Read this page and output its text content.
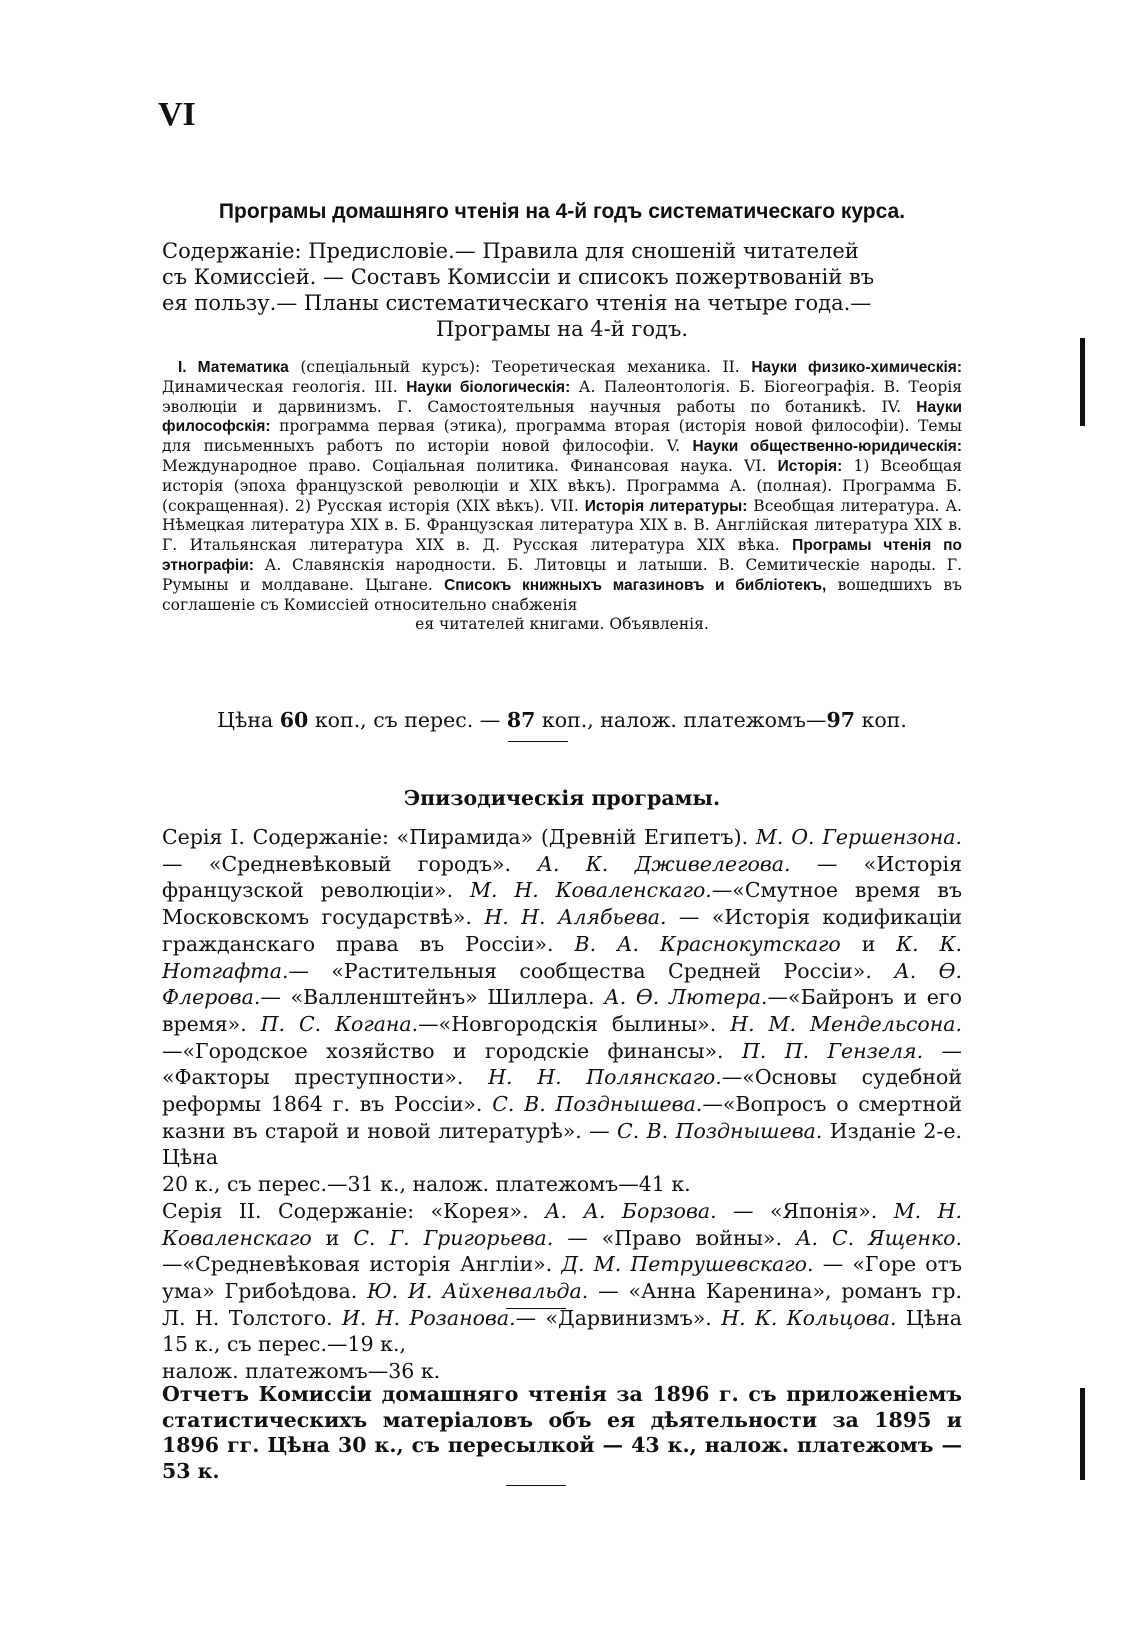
VI
Програмы домашняго чтенія на 4-й годъ систематическаго курса.
Содержаніе: Предисловіе.— Правила для сношеній читателей
съ Комиссіей. — Составъ Комиссіи и списокъ пожертвованій въ
ея пользу.— Планы систематическаго чтенія на четыре года.—
Програмы на 4-й годъ.
I. Математика (спеціальный курсъ): Теоретическая механика. II. Науки физико-химическія: Динамическая геологія. III. Науки біологическія: А. Палеонтологія. Б. Біогеографія. В. Теорія эволюціи и дарвинизмъ. Г. Самостоятельныя научныя работы по ботаникѣ. IV. Науки философскія: программа первая (этика), программа вторая (исторія новой философіи). Темы для письменныхъ работъ по исторіи новой философіи. V. Науки общественно-юридическія: Международное право. Соціальная политика. Финансовая наука. VI. Исторія: 1) Всеобщая исторія (эпоха французской революціи и XIX вѣкъ). Программа А. (полная). Программа Б. (сокращенная). 2) Русская исторія (XIX вѣкъ). VII. Исторія литературы: Всеобщая литература. А. Нѣмецкая литература XIX в. Б. Французская литература XIX в. В. Англійская литература XIX в. Г. Итальянская литература XIX в. Д. Русская литература XIX вѣка. Програмы чтенія по этнографіи: А. Славянскія народности. Б. Литовцы и латыши. В. Семитическіе народы. Г. Румыны и молдаване. Цыгане. Списокъ книжныхъ магазиновъ и библіотекъ, вошедшихъ въ соглашеніе съ Комиссіей относительно снабженія
ея читателей книгами. Объявленія.
Цѣна 60 коп., съ перес. — 87 коп., налож. платежомъ—97 коп.
Эпизодическія програмы.

Серія I. Содержаніе: «Пирамида» (Древній Египетъ). М. О. Гершензона. — «Средневѣковый городъ». А. К. Дживелегова. — «Исторія французской революціи». М. Н. Коваленскаго.—«Смутное время въ Московскомъ государствѣ». Н. Н. Алябьева. — «Исторія кодификаціи гражданскаго права въ Россіи». В. А. Краснокутскаго и К. К. Нотгафта.— «Растительныя сообщества Средней Россіи». А. Ѳ. Флерова.— «Валленштейнъ» Шиллера. А. Ѳ. Лютера.—«Байронъ и его время». П. С. Когана.—«Новгородскія былины». Н. М. Мендельсона.—«Городское хозяйство и городскіе финансы». П. П. Гензеля. — «Факторы преступности». Н. Н. Полянскаго.—«Основы судебной реформы 1864 г. въ Россіи». С. В. Позднышева.—«Вопросъ о смертной казни въ старой и новой литературѣ». — С. В. Позднышева. Изданіе 2-е. Цѣна

20 к., съ перес.—31 к., налож. платежомъ—41 к.

Серія II. Содержаніе: «Корея». А. А. Борзова. — «Японія». М. Н. Коваленскаго и С. Г. Григорьева. — «Право войны». А. С. Ященко.—«Средневѣковая исторія Англіи». Д. М. Петрушевскаго. — «Горе отъ ума» Грибоѣдова. Ю. И. Айхенвальда. — «Анна Каренина», романъ гр. Л. Н. Толстого. И. Н. Розанова.— «Дарвинизмъ». Н. К. Кольцова. Цѣна 15 к., съ перес.—19 к.,

налож. платежомъ—36 к.

Отчетъ Комиссіи домашняго чтенія за 1896 г. съ приложеніемъ статистическихъ матеріаловъ объ ея дѣятельности за 1895 и 1896 гг. Цѣна 30 к., съ пересылкой — 43 к., налож. платежомъ — 53 к.
